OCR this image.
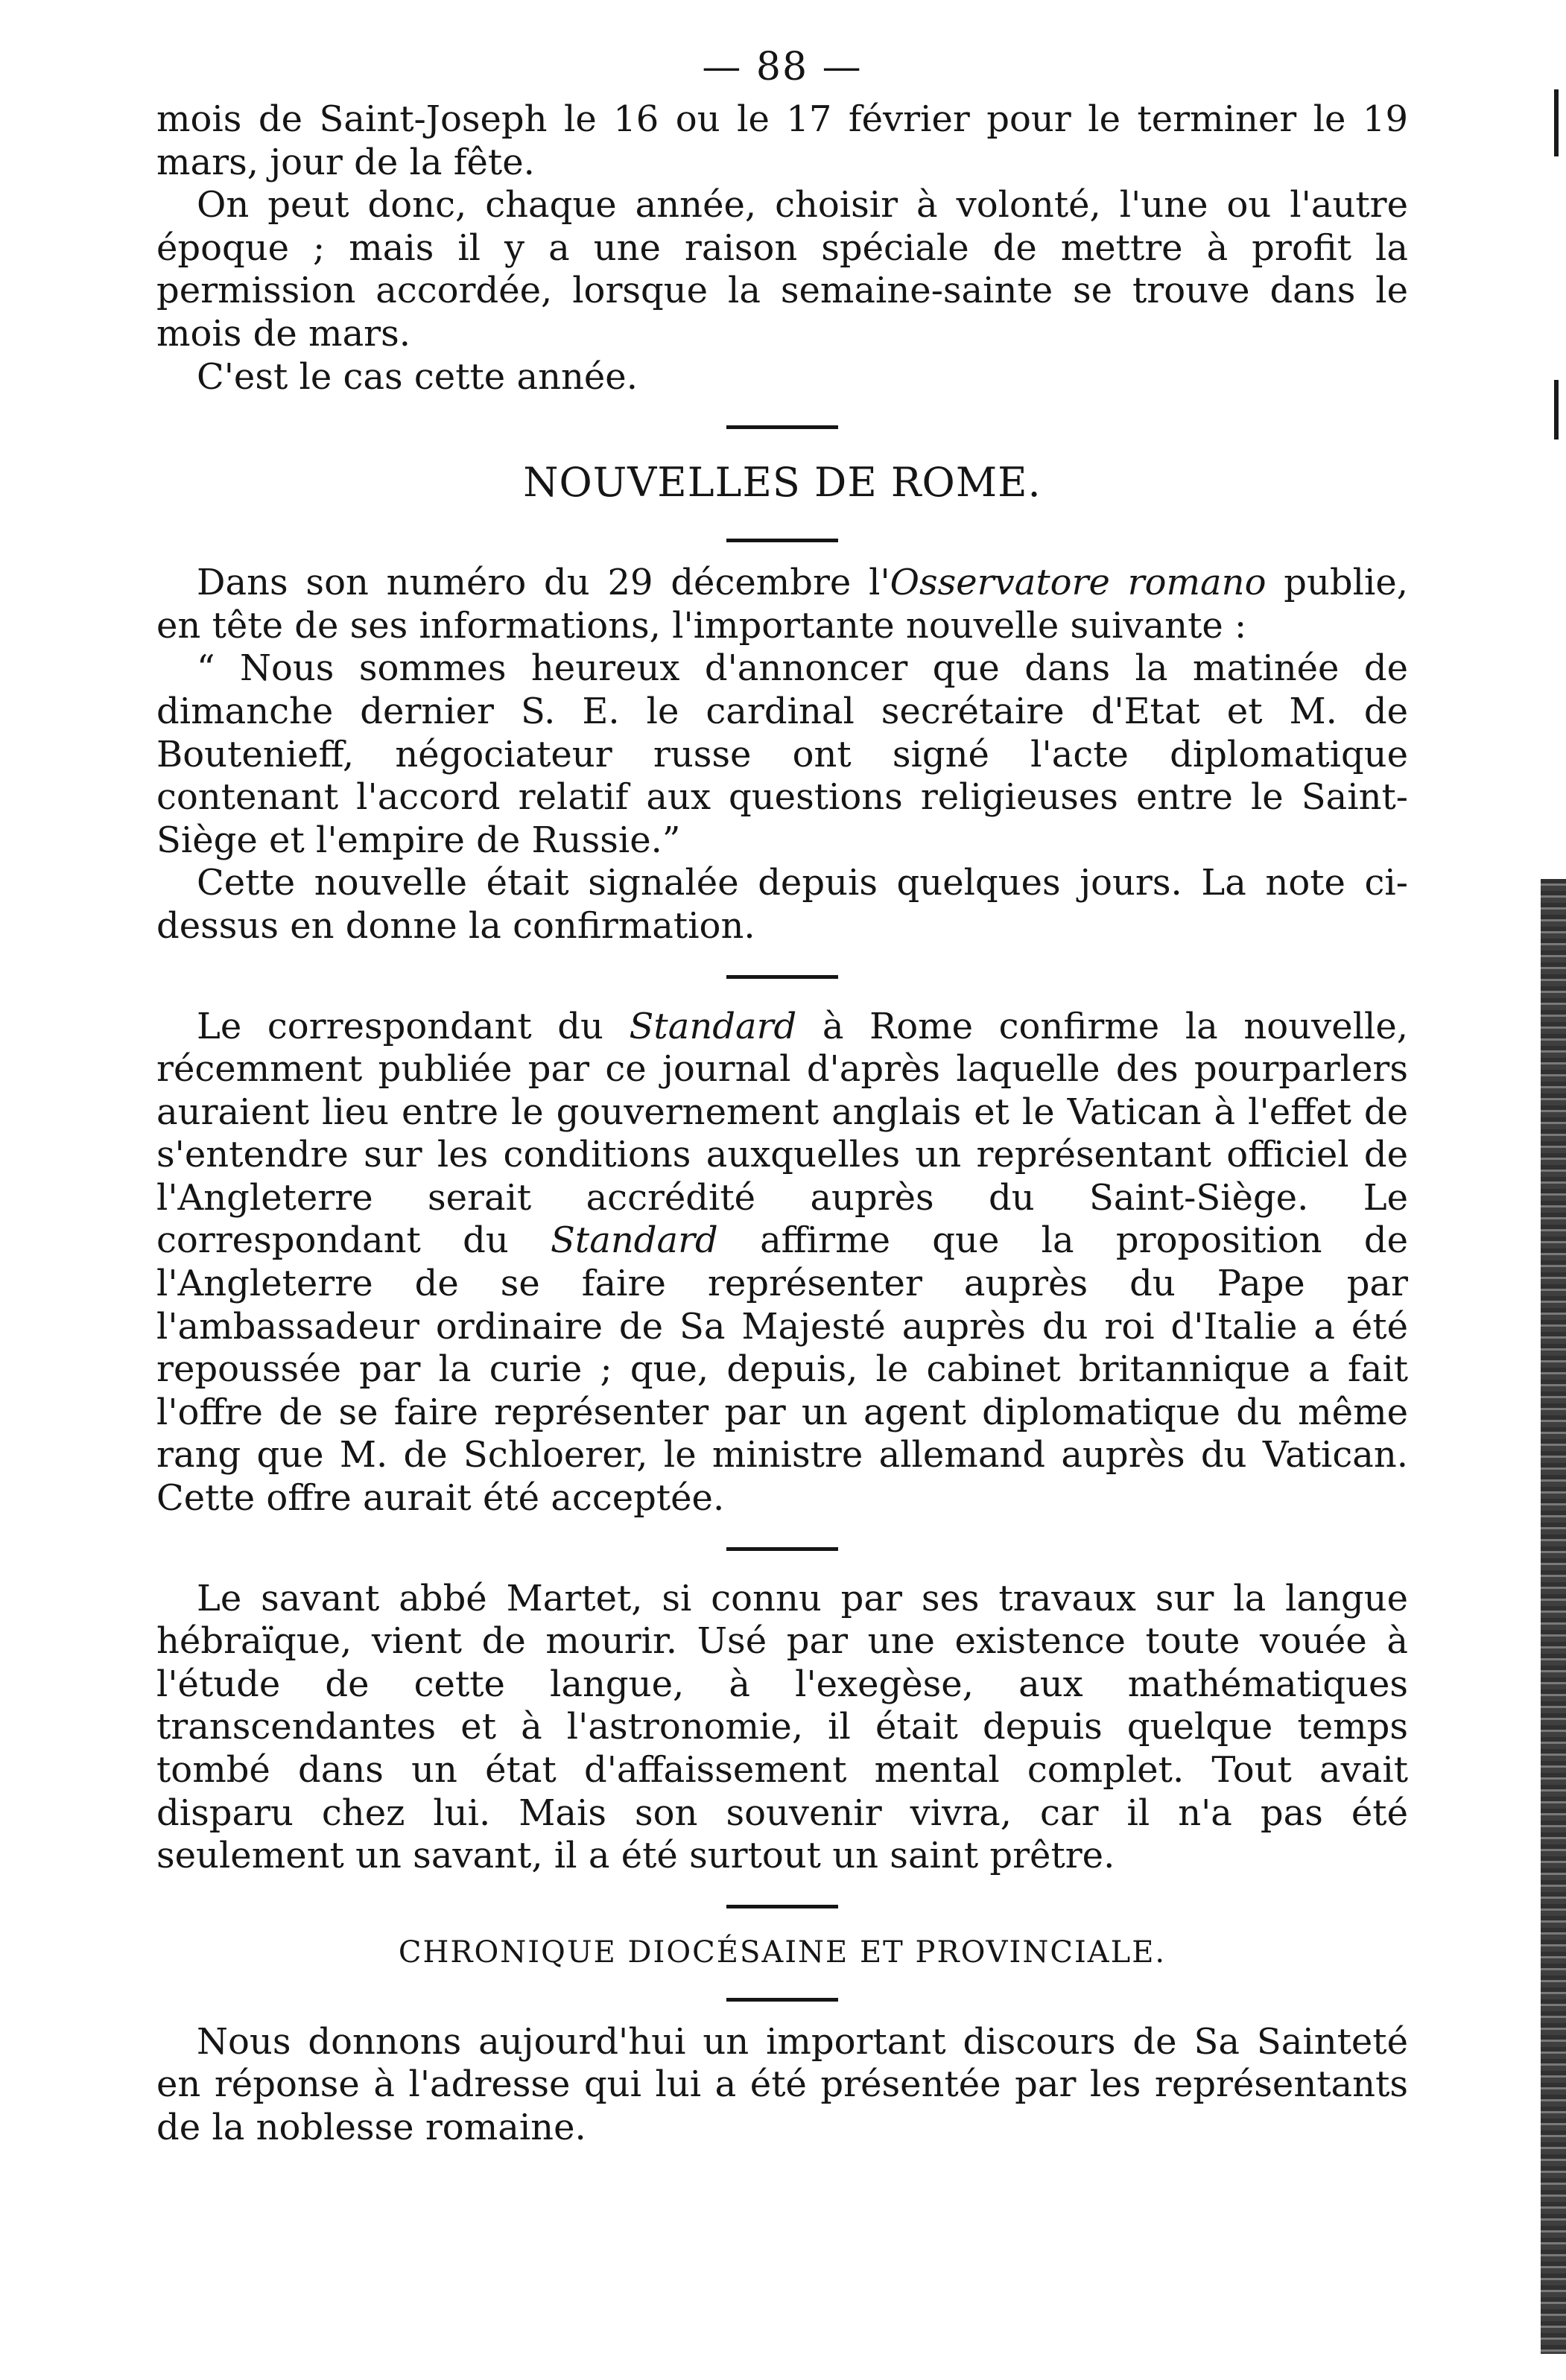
— 88 —

mois de Saint-Joseph le 16 ou le 17 février pour le terminer le 19 mars, jour de la fête.

On peut donc, chaque année, choisir à volonté, l'une ou l'autre époque ; mais il y a une raison spéciale de mettre à profit la permission accordée, lorsque la semaine-sainte se trouve dans le mois de mars.

C'est le cas cette année.

NOUVELLES DE ROME.

Dans son numéro du 29 décembre l'Osservatore romano publie, en tête de ses informations, l'importante nouvelle suivante :

“ Nous sommes heureux d'annoncer que dans la matinée de dimanche dernier S. E. le cardinal secrétaire d'Etat et M. de Boutenieff, négociateur russe ont signé l'acte diplomatique contenant l'accord relatif aux questions religieuses entre le Saint-Siège et l'empire de Russie.”

Cette nouvelle était signalée depuis quelques jours. La note ci-dessus en donne la confirmation.

Le correspondant du Standard à Rome confirme la nouvelle, récemment publiée par ce journal d'après laquelle des pourparlers auraient lieu entre le gouvernement anglais et le Vatican à l'effet de s'entendre sur les conditions auxquelles un représentant officiel de l'Angleterre serait accrédité auprès du Saint-Siège. Le correspondant du Standard affirme que la proposition de l'Angleterre de se faire représenter auprès du Pape par l'ambassadeur ordinaire de Sa Majesté auprès du roi d'Italie a été repoussée par la curie ; que, depuis, le cabinet britannique a fait l'offre de se faire représenter par un agent diplomatique du même rang que M. de Schloerer, le ministre allemand auprès du Vatican. Cette offre aurait été acceptée.

Le savant abbé Martet, si connu par ses travaux sur la langue hébraïque, vient de mourir. Usé par une existence toute vouée à l'étude de cette langue, à l'exegèse, aux mathématiques transcendantes et à l'astronomie, il était depuis quelque temps tombé dans un état d'affaissement mental complet. Tout avait disparu chez lui. Mais son souvenir vivra, car il n'a pas été seulement un savant, il a été surtout un saint prêtre.

CHRONIQUE DIOCÉSAINE ET PROVINCIALE.

Nous donnons aujourd'hui un important discours de Sa Sainteté en réponse à l'adresse qui lui a été présentée par les représentants de la noblesse romaine.
